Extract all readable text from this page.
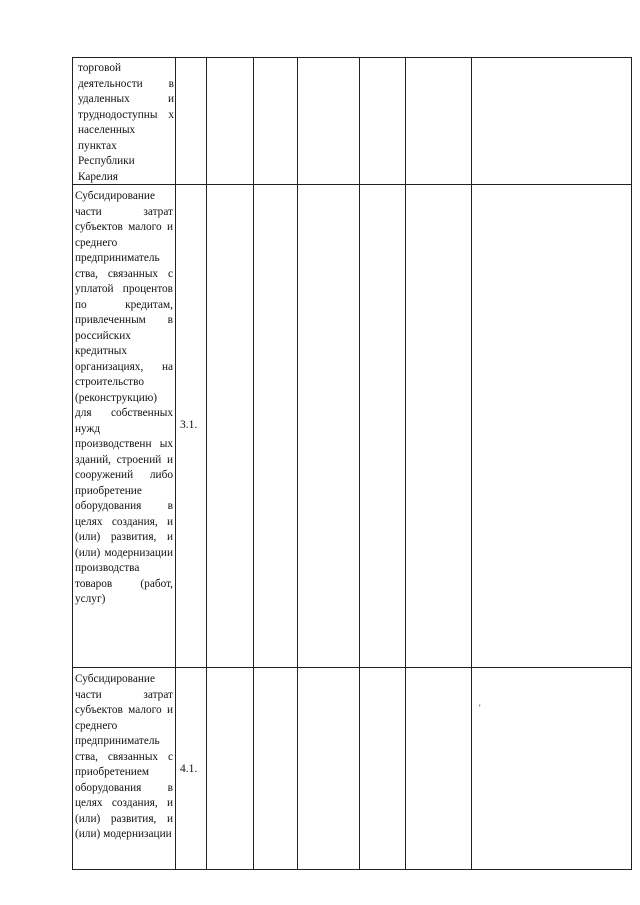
торговой деятельности в удаленных и труднодоступны х населенных пунктах Республики Карелия
Субсидирование части затрат субъектов малого и среднего предприниматель ства, связанных с уплатой процентов по кредитам, привлеченным в российских кредитных организациях, на строительство (реконструкцию) для собственных нужд производственн ых зданий, строений и сооружений либо приобретение оборудования в целях создания, и (или) развития, и (или) модернизации производства товаров (работ, услуг)
3.1.
Субсидирование части затрат субъектов малого и среднего предприниматель ства, связанных с приобретением оборудования в целях создания, и (или) развития, и (или) модернизации
4.1.
'
